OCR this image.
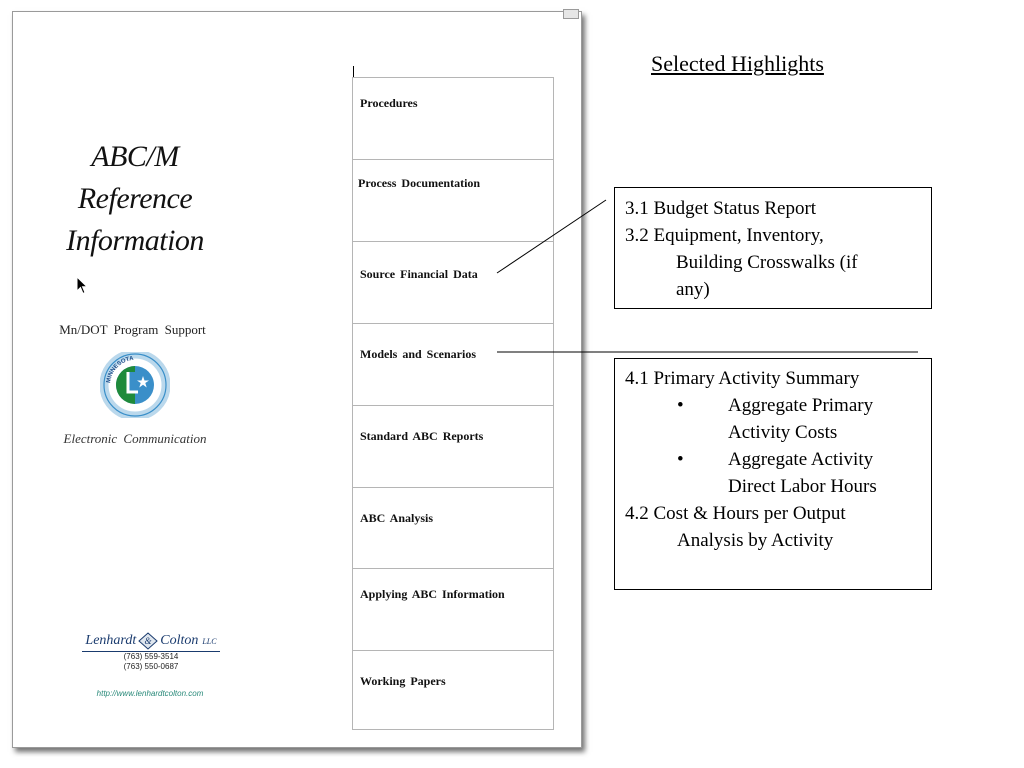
ABC/M
Reference
Information
Mn/DOT Program Support
MINNESOTA
Electronic Communication
Lenhardt & Colton LLC
(763) 559-3514
(763) 550-0687
http://www.lenhardtcolton.com
Procedures
Process Documentation
Source Financial Data
Models and Scenarios
Standard ABC Reports
ABC Analysis
Applying ABC Information
Working Papers
Selected Highlights
3.1 Budget Status Report
3.2 Equipment, Inventory,
Building Crosswalks (if
any)
4.1 Primary Activity Summary
• Aggregate Primary
Activity Costs
• Aggregate Activity
Direct Labor Hours
4.2 Cost & Hours per Output
Analysis by Activity
